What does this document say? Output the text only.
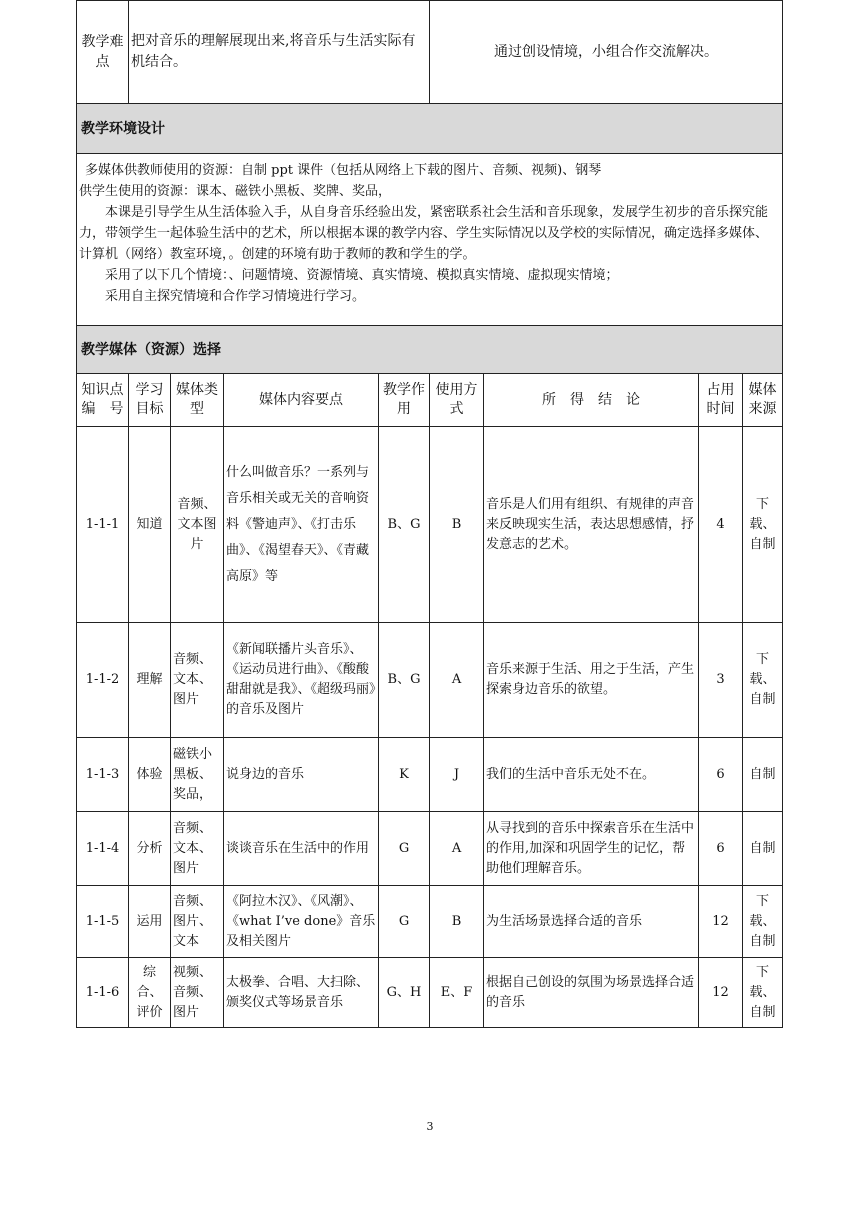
教学难点	把对音乐的理解展现出来,将音乐与生活实际有机结合。				通过创设情境，小组合作交流解决。			
教学环境设计								

多媒体供教师使用的资源：自制 ppt 课件（包括从网络上下载的图片、音频、视频)、钢琴

供学生使用的资源：课本、磁铁小黑板、奖牌、奖品，

本课是引导学生从生活体验入手，从自身音乐经验出发，紧密联系社会生活和音乐现象，发展学生初步的音乐探究能力，带领学生一起体验生活中的艺术，所以根据本课的教学内容、学生实际情况以及学校的实际情况，确定选择多媒体、计算机（网络）教室环境，。创建的环境有助于教师的教和学生的学。

采用了以下几个情境：、问题情境、资源情境、真实情境、模拟真实情境、虚拟现实情境；

采用自主探究情境和合作学习情境进行学习。								

教学媒体（资源）选择								
知识点编　号	学习目标	媒体类型	媒体内容要点	教学作用	使用方式	所　得　结　论	占用时间	媒体来源
1-1-1	知道	音频、文本图片	什么叫做音乐？一系列与音乐相关或无关的音响资料《警迪声》、《打击乐曲》、《渴望春天》、《青藏高原》等	B、G	B	音乐是人们用有组织、有规律的声音来反映现实生活，表达思想感情，抒发意志的艺术。	4	下载、自制
1-1-2	理解	音频、文本、图片	《新闻联播片头音乐》、《运动员进行曲》、《酸酸甜甜就是我》、《超级玛丽》的音乐及图片	B、G	A	音乐来源于生活、用之于生活，产生探索身边音乐的欲望。	3	下载、自制
1-1-3	体验	磁铁小黑板、奖品，	说身边的音乐	K	J	我们的生活中音乐无处不在。	6	自制
1-1-4	分析	音频、文本、图片	谈谈音乐在生活中的作用	G	A	从寻找到的音乐中探索音乐在生活中的作用,加深和巩固学生的记忆，帮助他们理解音乐。	6	自制
1-1-5	运用	音频、图片、文本	《阿拉木汉》、《风潮》、《what I’ve done》音乐及相关图片	G	B	为生活场景选择合适的音乐	12	下载、自制
1-1-6	综合、评价	视频、音频、图片	太极拳、合唱、大扫除、颁奖仪式等场景音乐	G、H	E、F	根据自己创设的氛围为场景选择合适的音乐	12	下载、自制
3
